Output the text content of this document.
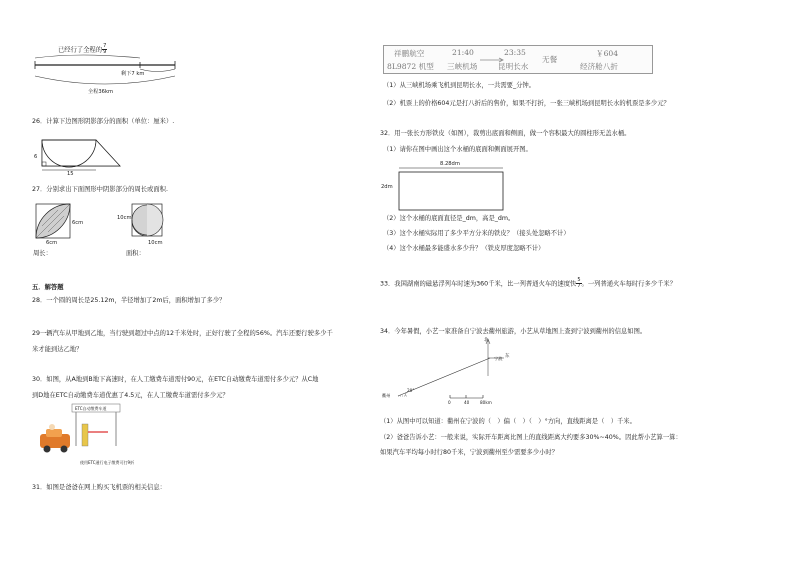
已经行了全程的 $\frac{7}{9}$
剩下7 km
全程36km
26．计算下边图形阴影部分的面积（单位：厘米）.
6
15
27．分别求出下面图形中阴影部分的周长或面积.
6cm
6cm
10cm
10cm
周长：	面积：
五．解答题
28．一个圆的周长是25.12m，半径增加了2m后，面积增加了多少？
29一辆汽车从甲地到乙地，当行驶到超过中点的12千米处时，正好行驶了全程的56%。汽车还要行驶多少千
米才能到达乙地？
30．如图，从A地到B地下高速时，在人工缴费车道需付90元，在ETC自动缴费车道需付多少元？从C地
到D地在ETC自动缴费车道优惠了4.5元，在人工缴费车道需付多少元？
ETC自动缴费车道
使用ETC通行电子缴费可打9折
31．如图是爸爸在网上购买飞机票的相关信息：
祥鹏航空
8L9872 机型
21:40
三峡机场
23:35
昆明长水
无餐
￥604
经济舱八折
（1）从三峡机场乘飞机到昆明长水，一共需要_分钟。
（2）机票上的价格604元是打八折后的售价，如果不打折，一张三峡机场到昆明长水的机票是多少元？
32．用一张长方形铁皮（如图），裁剪出底面和侧面，做一个容积最大的圆柱形无盖水桶。
（1）请你在图中画出这个水桶的底面和侧面展开图。
8.28dm
2dm
（2）这个水桶的底面直径是_dm，高是_dm。
（3）这个水桶实际用了多少平方分米的铁皮？（接头处忽略不计）
（4）这个水桶最多能盛水多少升？（铁皮厚度忽略不计）
33．我国湖南的磁悬浮列车时速为360千米，比一列普通火车的速度快 $\frac{5}{7}$ 。一列普通火车每时行多少千米？
34．今年暑假，小艺一家准备自宁波去衢州旅游，小艺从草地图上查到宁波到衢州的信息如图。
北
东
宁波
衢州
20°
0	40	80km
（1）从图中可以知道：衢州在宁波的（　）偏（　）（　）°方向，直线距离是（　）千米。
（2）爸爸告诉小艺：一般来说，实际开车距离比图上的直线距离大约要多30%~40%。因此帮小艺算一算：
如果汽车平均每小时行80千米，宁波到衢州至少需要多少小时？
